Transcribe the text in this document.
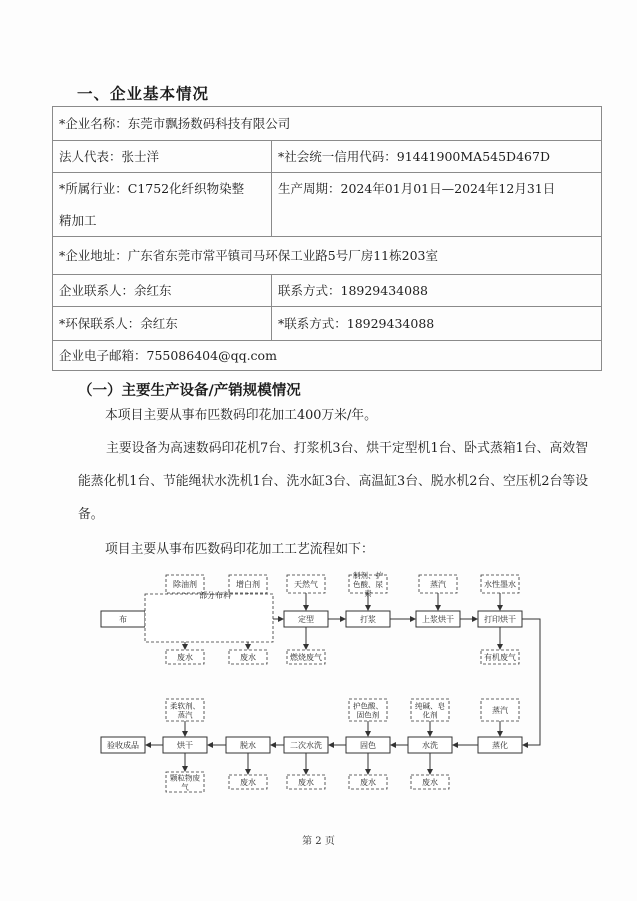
一、企业基本情况
*企业名称：东莞市飘扬数码科技有限公司	
法人代表：张士洋	*社会统一信用代码：91441900MA545D467D

*所属行业：C1752化纤织物染整
精加工	生产周期：2024年01月01日—2024年12月31日
*企业地址：广东省东莞市常平镇司马环保工业路5号厂房11栋203室	
企业联系人：余红东	联系方式：18929434088
*环保联系人：余红东	*联系方式：18929434088
企业电子邮箱：755086404@qq.com	
（一）主要生产设备/产销规模情况
本项目主要从事布匹数码印花加工400万米/年。
主要设备为高速数码印花机7台、打浆机3台、烘干定型机1台、卧式蒸箱1台、高效智能蒸化机1台、节能绳状水洗机1台、洗水缸3台、高温缸3台、脱水机2台、空压机2台等设备。
项目主要从事布匹数码印花加工工艺流程如下：
布	定型	打浆	上浆烘干	打印烘干
除油剂	增白剂	天然气
制剂、护色酸、尿素
蒸汽	水性墨水
部分布料
废水	废水	燃烧废气	有机废气
蒸化
水洗
固色
二次水洗
脱水
烘干
验收成品
蒸汽
纯碱、皂化剂
护色酸、固色剂
柔软剂、蒸汽
废水
废水
废水
废水
颗粒物废气
第 2 页
